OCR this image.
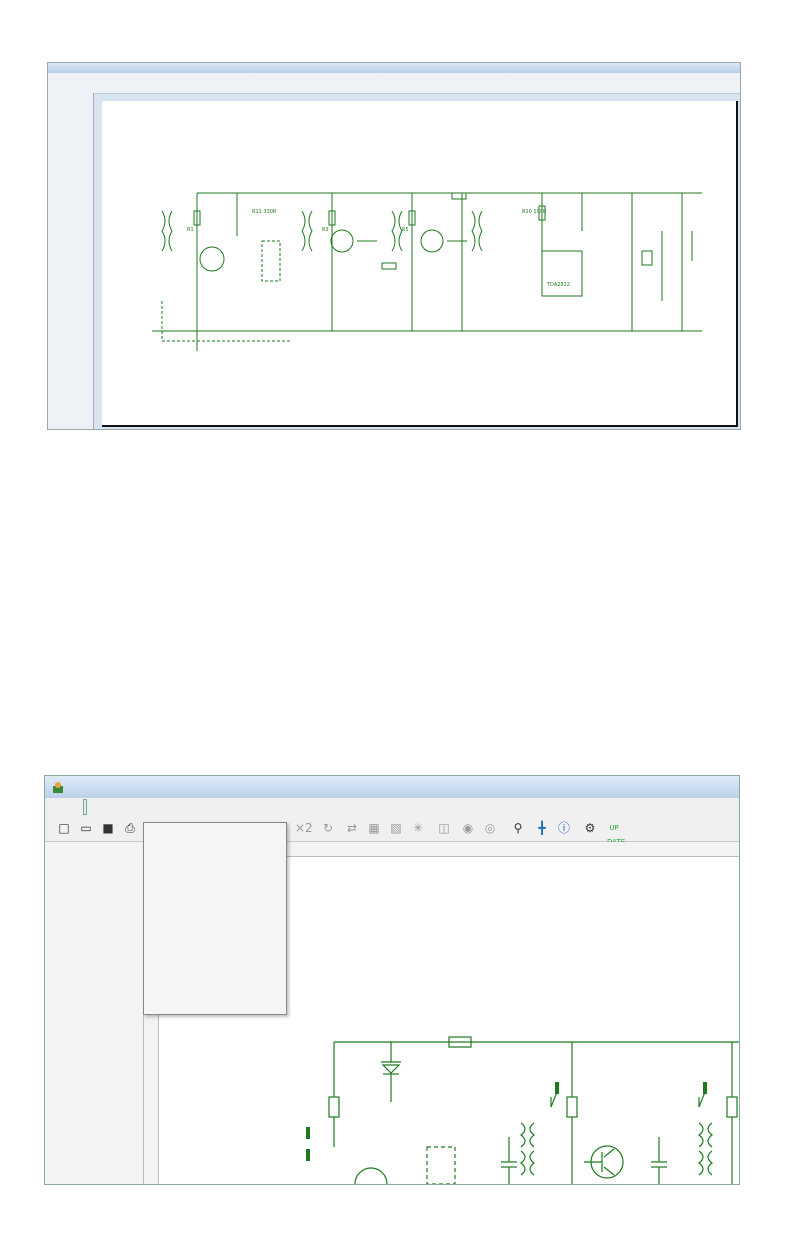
R11 330R	R10 100R
TDA2822
R1	R3	R5
□ ▭ ■ ⎙	×2 ↻ ⇄ ▦ ▧ ✳ ◫ ◉ ◎ ⚲ ╋ ⓘ ⚙	UP
